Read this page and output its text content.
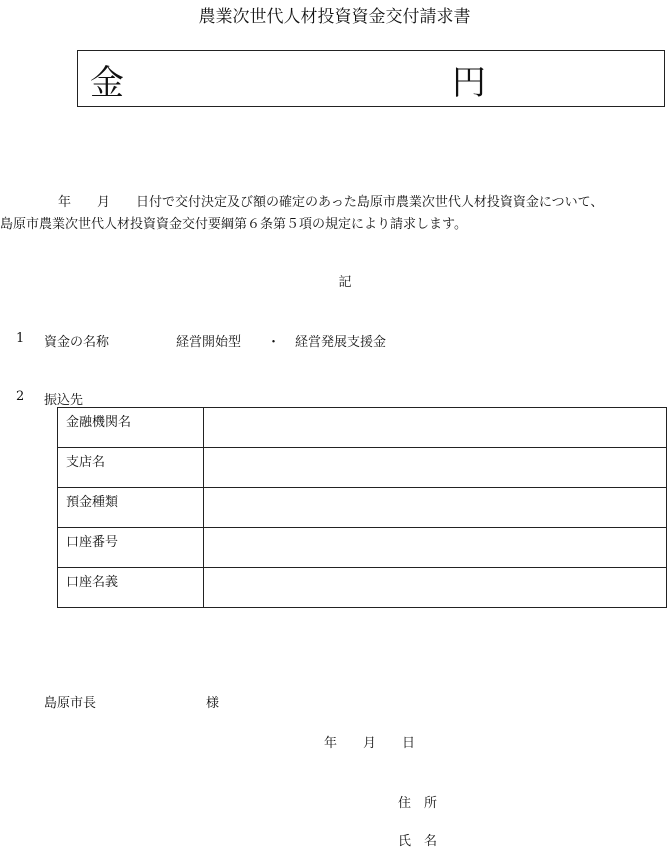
農業次世代人材投資資金交付請求書
金	円
年　　月　　日付で交付決定及び額の確定のあった島原市農業次世代人材投資資金について、
島原市農業次世代人材投資資金交付要綱第６条第５項の規定により請求します。
記
1 資金の名称	経営開始型 ・ 経営発展支援金
2 振込先
金融機関名	
支店名	
預金種類	
口座番号	
口座名義	
島原市長	様
年　　月　　日
住　所
氏　名
